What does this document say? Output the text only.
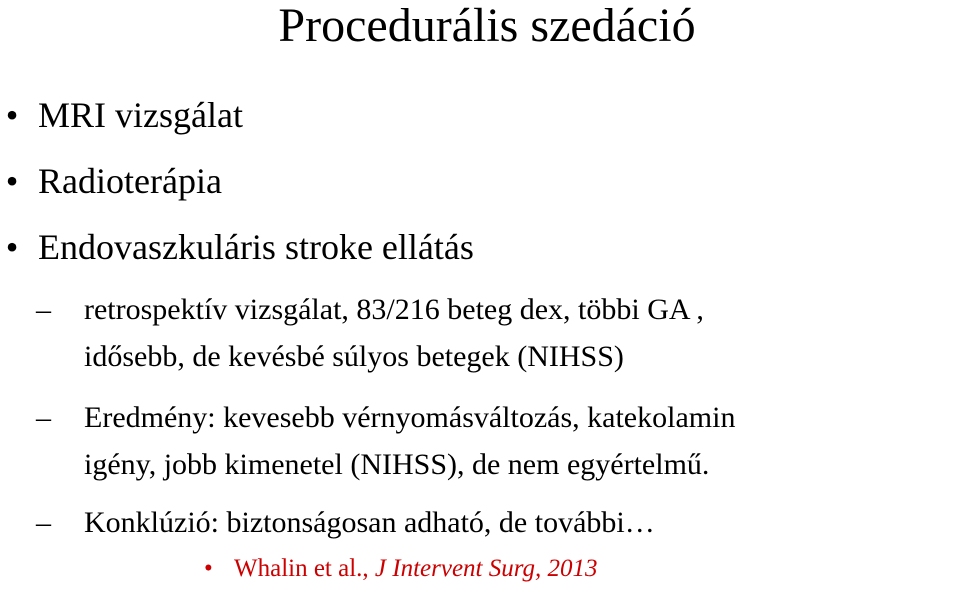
Procedurális szedáció
• MRI vizsgálat
• Radioterápia
• Endovaszkuláris stroke ellátás
– retrospektív vizsgálat, 83/216 beteg dex, többi GA ,
idősebb, de kevésbé súlyos betegek (NIHSS)
– Eredmény: kevesebb vérnyomásváltozás, katekolamin
igény, jobb kimenetel (NIHSS), de nem egyértelmű.
– Konklúzió: biztonságosan adható, de további…
• Whalin et al., J Intervent Surg, 2013
